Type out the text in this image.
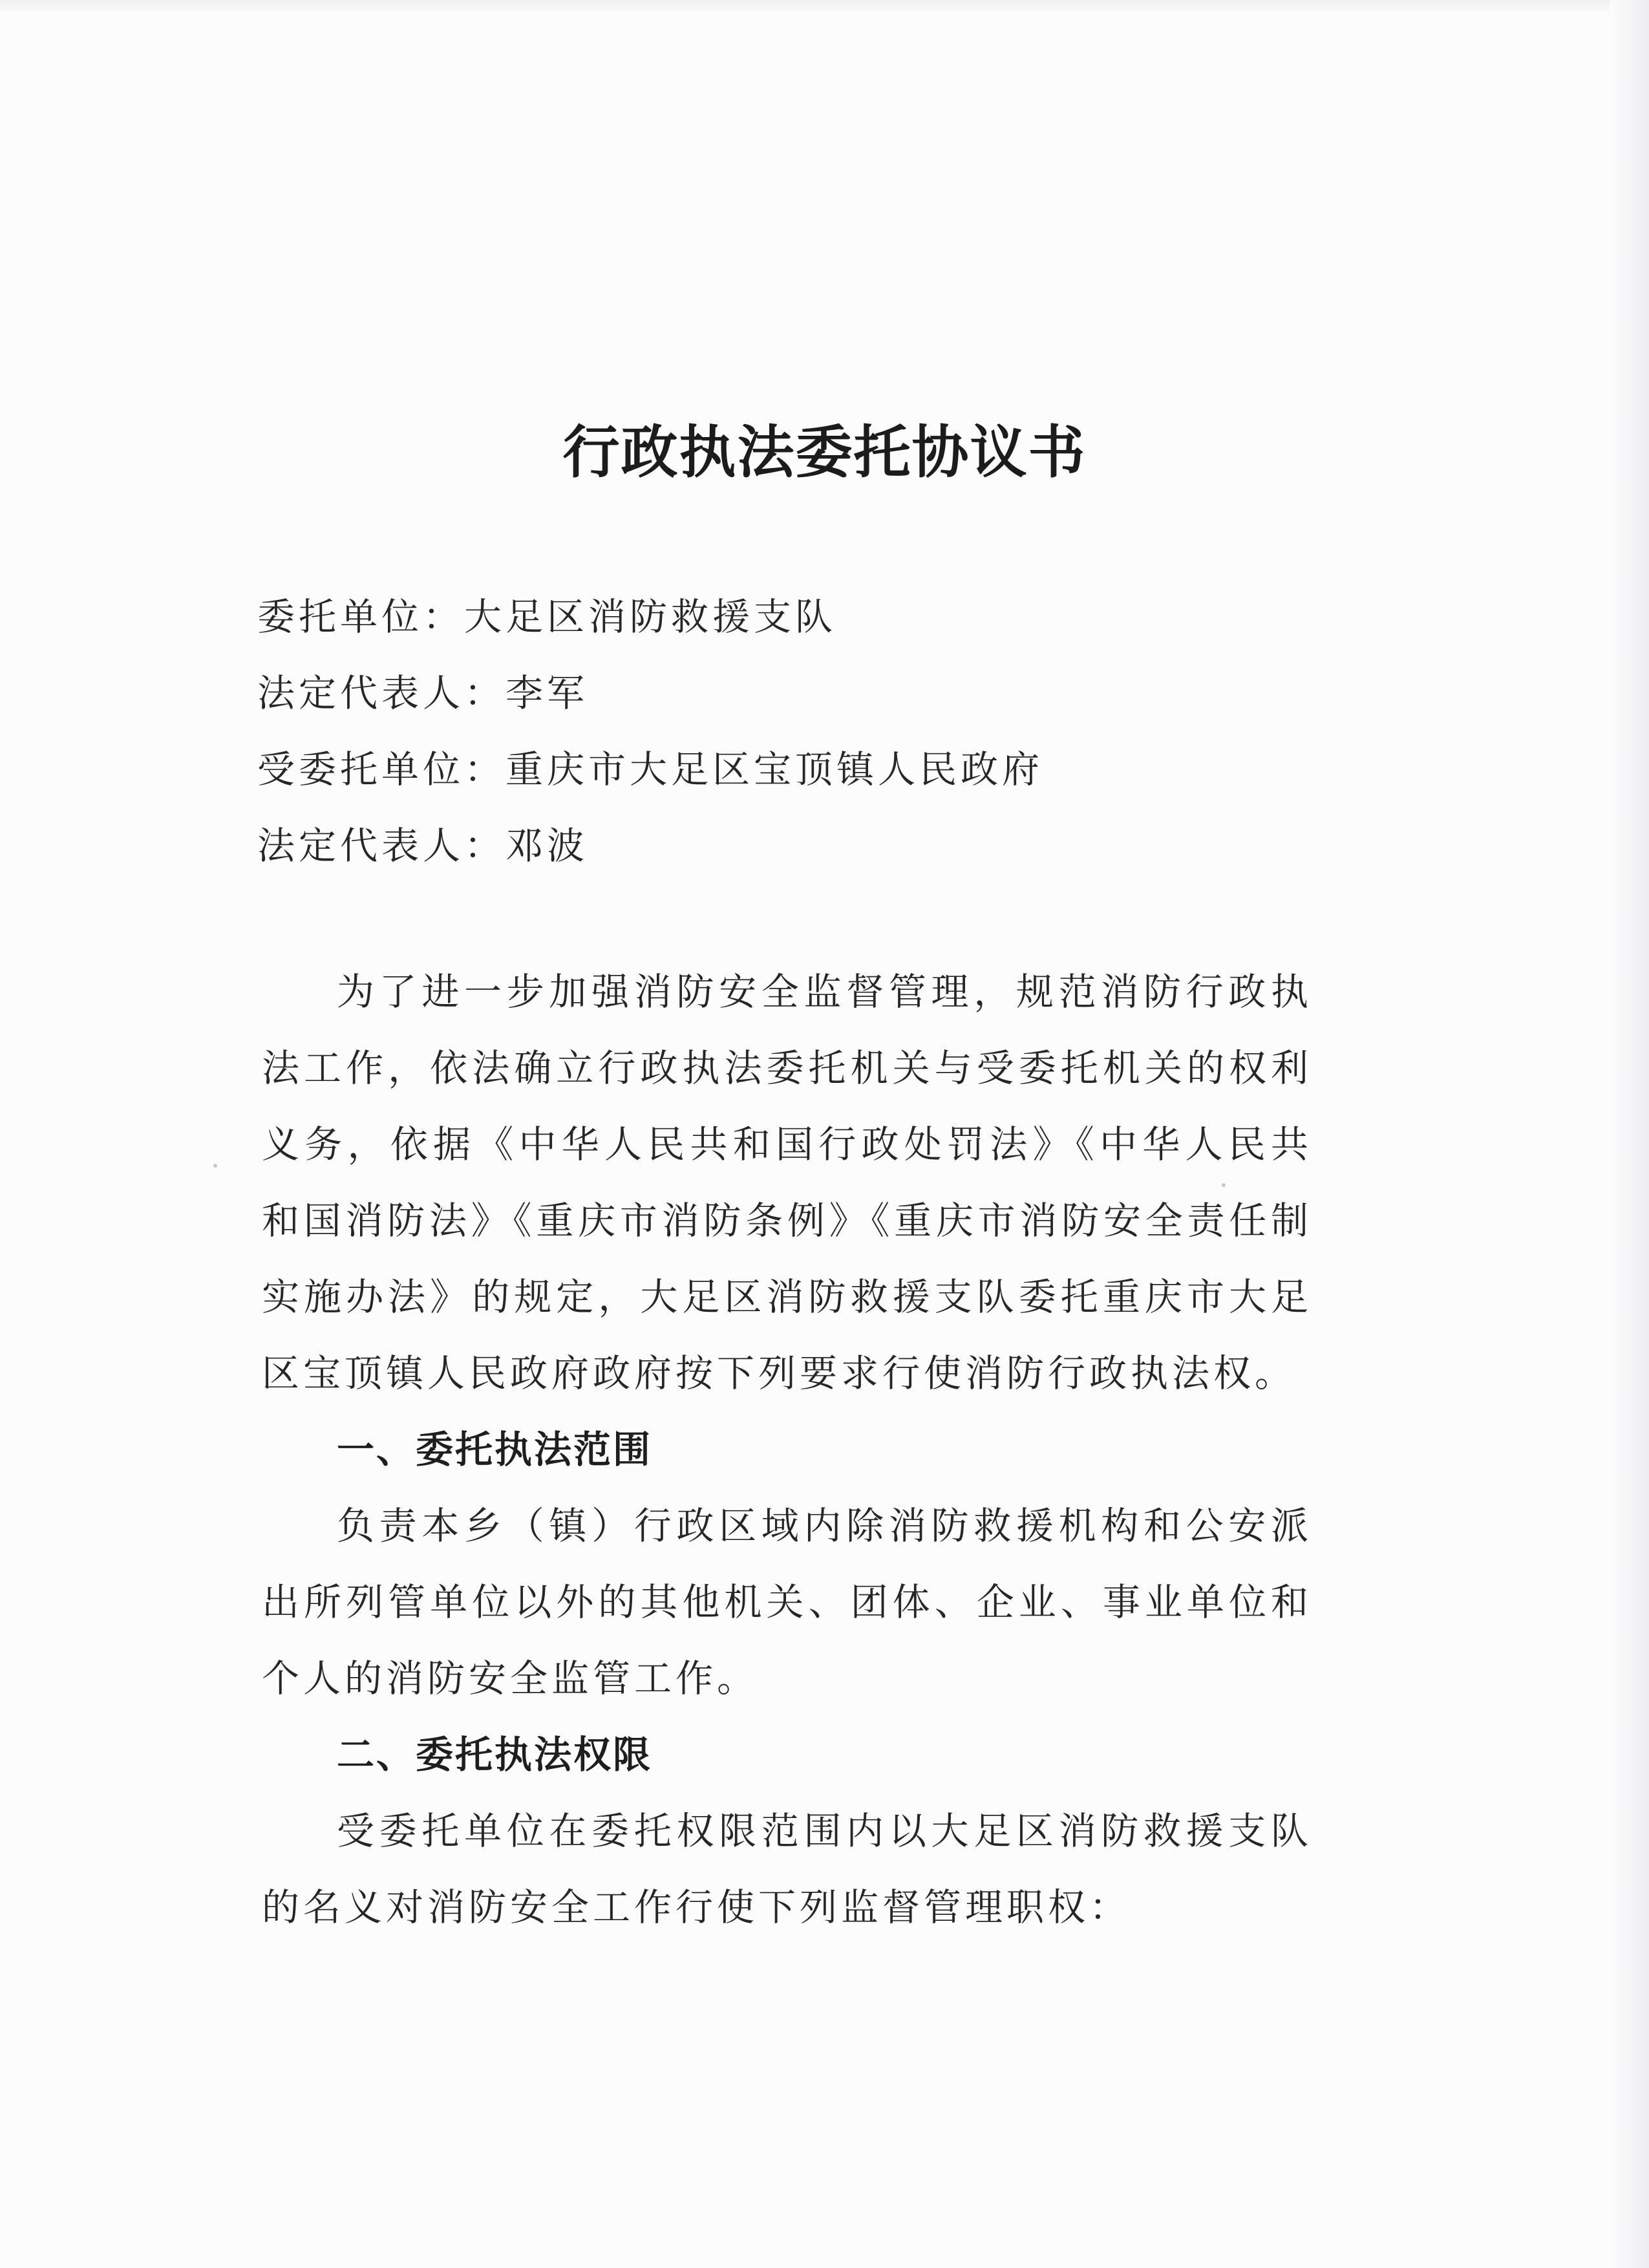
行政执法委托协议书
委托单位：大足区消防救援支队
法定代表人：李军
受委托单位：重庆市大足区宝顶镇人民政府
法定代表人：邓波

为了进一步加强消防安全监督管理，规范消防行政执法工作，依法确立行政执法委托机关与受委托机关的权利义务，依据《中华人民共和国行政处罚法》《中华人民共和国消防法》《重庆市消防条例》《重庆市消防安全责任制实施办法》的规定，大足区消防救援支队委托重庆市大足区宝顶镇人民政府政府按下列要求行使消防行政执法权。

一、委托执法范围

负责本乡（镇）行政区域内除消防救援机构和公安派出所列管单位以外的其他机关、团体、企业、事业单位和个人的消防安全监管工作。

二、委托执法权限

受委托单位在委托权限范围内以大足区消防救援支队的名义对消防安全工作行使下列监督管理职权：
